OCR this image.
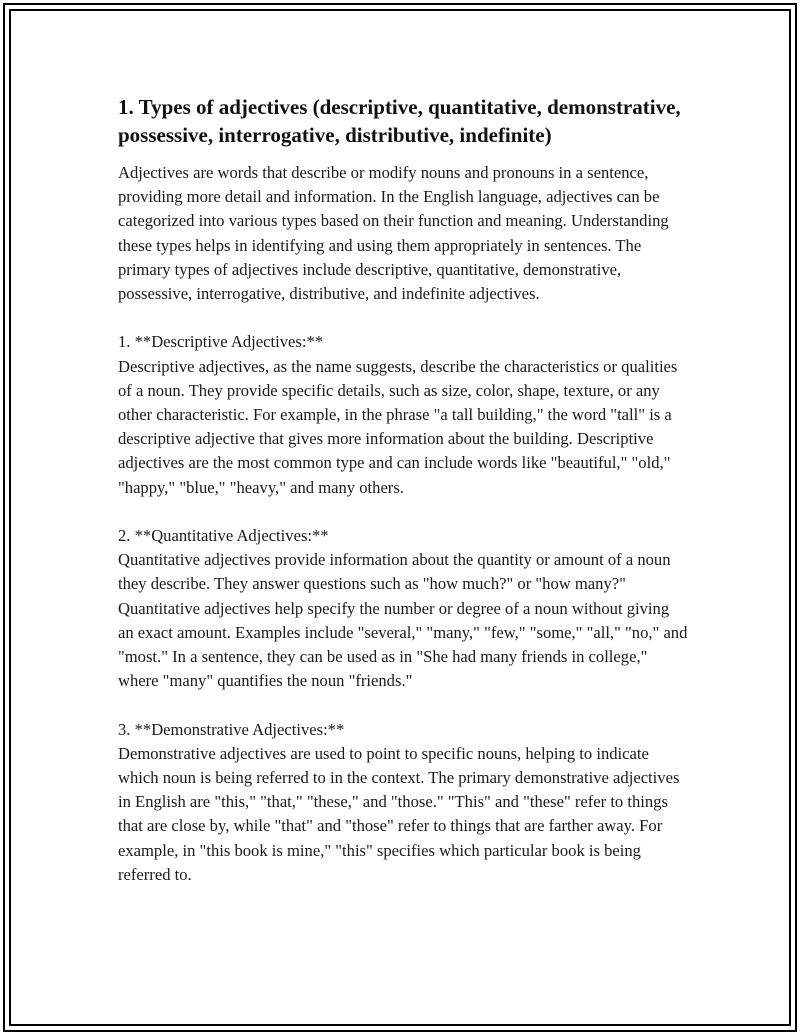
1. Types of adjectives (descriptive, quantitative, demonstrative, possessive, interrogative, distributive, indefinite)

Adjectives are words that describe or modify nouns and pronouns in a sentence, providing more detail and information. In the English language, adjectives can be categorized into various types based on their function and meaning. Understanding these types helps in identifying and using them appropriately in sentences. The primary types of adjectives include descriptive, quantitative, demonstrative, possessive, interrogative, distributive, and indefinite adjectives.

1. **Descriptive Adjectives:**
Descriptive adjectives, as the name suggests, describe the characteristics or qualities of a noun. They provide specific details, such as size, color, shape, texture, or any other characteristic. For example, in the phrase "a tall building," the word "tall" is a descriptive adjective that gives more information about the building. Descriptive adjectives are the most common type and can include words like "beautiful," "old," "happy," "blue," "heavy," and many others.
2. **Quantitative Adjectives:**
Quantitative adjectives provide information about the quantity or amount of a noun they describe. They answer questions such as "how much?" or "how many?" Quantitative adjectives help specify the number or degree of a noun without giving an exact amount. Examples include "several," "many," "few," "some," "all," "no," and "most." In a sentence, they can be used as in "She had many friends in college," where "many" quantifies the noun "friends."
3. **Demonstrative Adjectives:**
Demonstrative adjectives are used to point to specific nouns, helping to indicate which noun is being referred to in the context. The primary demonstrative adjectives in English are "this," "that," "these," and "those." "This" and "these" refer to things that are close by, while "that" and "those" refer to things that are farther away. For example, in "this book is mine," "this" specifies which particular book is being referred to.
